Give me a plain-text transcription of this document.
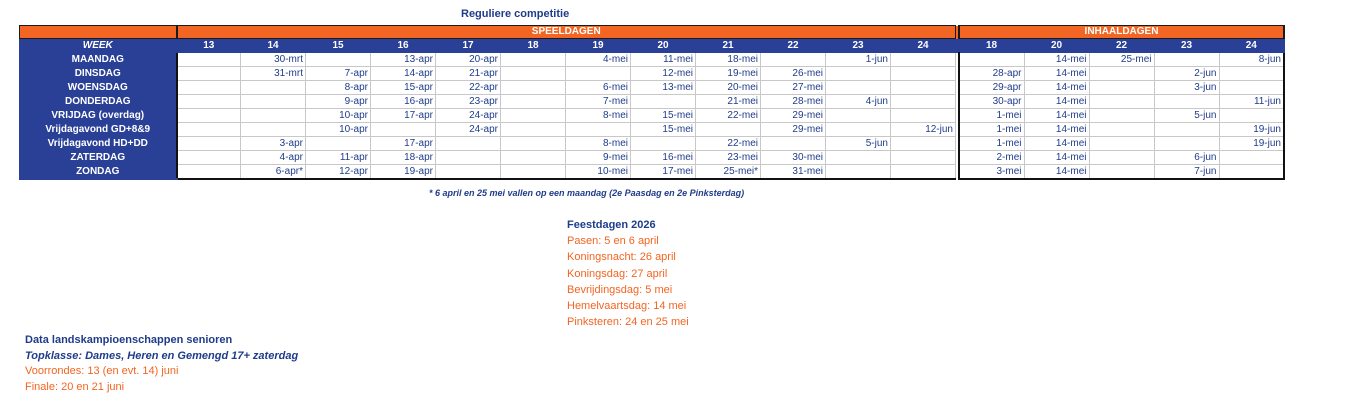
Reguliere competitie
	SPEELDAGEN													INHAALDAGEN				
WEEK	13	14	15	16	17	18	19	20	21	22	23	24		18	20	22	23	24
MAANDAG		30-mrt		13-apr	20-apr		4-mei	11-mei	18-mei		1-jun				14-mei	25-mei		8-jun
DINSDAG		31-mrt	7-apr	14-apr	21-apr			12-mei	19-mei	26-mei				28-apr	14-mei		2-jun	
WOENSDAG			8-apr	15-apr	22-apr		6-mei	13-mei	20-mei	27-mei				29-apr	14-mei		3-jun	
DONDERDAG			9-apr	16-apr	23-apr		7-mei		21-mei	28-mei	4-jun			30-apr	14-mei			11-jun
VRIJDAG (overdag)			10-apr	17-apr	24-apr		8-mei	15-mei	22-mei	29-mei				1-mei	14-mei		5-jun	
Vrijdagavond GD+8&9			10-apr		24-apr			15-mei		29-mei		12-jun		1-mei	14-mei			19-jun
Vrijdagavond HD+DD		3-apr		17-apr			8-mei		22-mei		5-jun			1-mei	14-mei			19-jun
ZATERDAG		4-apr	11-apr	18-apr			9-mei	16-mei	23-mei	30-mei				2-mei	14-mei		6-jun	
ZONDAG		6-apr*	12-apr	19-apr			10-mei	17-mei	25-mei*	31-mei				3-mei	14-mei		7-jun	
* 6 april en 25 mei vallen op een maandag (2e Paasdag en 2e Pinksterdag)
Feestdagen 2026
Pasen: 5 en 6 april
Koningsnacht: 26 april
Koningsdag: 27 april
Bevrijdingsdag: 5 mei
Hemelvaartsdag: 14 mei
Pinksteren: 24 en 25 mei
Data landskampioenschappen senioren
Topklasse: Dames, Heren en Gemengd 17+ zaterdag
Voorrondes: 13 (en evt. 14) juni
Finale: 20 en 21 juni
